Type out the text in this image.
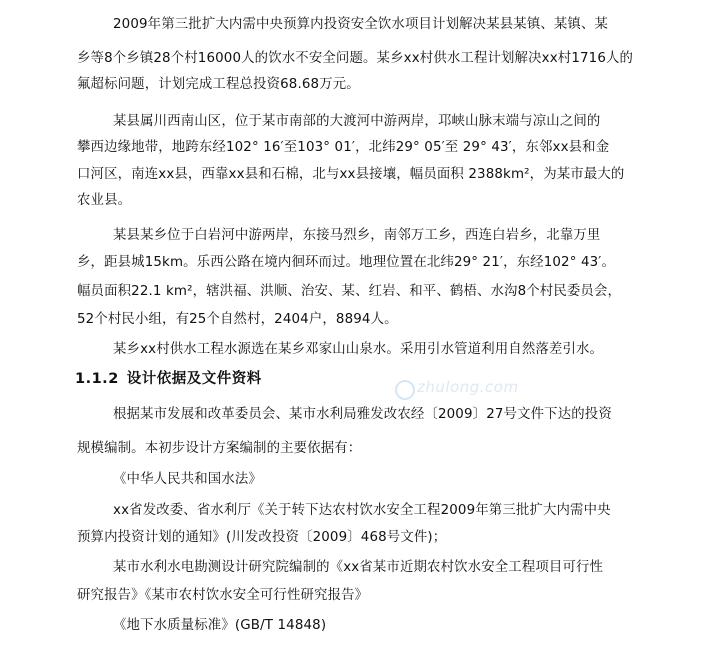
2009年第三批扩大内需中央预算内投资安全饮水项目计划解决某县某镇、某镇、某
乡等8个乡镇28个村16000人的饮水不安全问题。某乡xx村供水工程计划解决xx村1716人的
氟超标问题，计划完成工程总投资68.68万元。
某县属川西南山区，位于某市南部的大渡河中游两岸，邛峡山脉末端与凉山之间的
攀西边缘地带，地跨东经102° 16′至103° 01′，北纬29° 05′至 29° 43′，东邻xx县和金
口河区，南连xx县，西靠xx县和石棉，北与xx县接壤，幅员面积 2388km²，为某市最大的
农业县。
某县某乡位于白岩河中游两岸，东接马烈乡，南邻万工乡，西连白岩乡，北靠万里
乡，距县城15km。乐西公路在境内徊环而过。地理位置在北纬29° 21′，东经102° 43′。
幅员面积22.1 km²，辖洪福、洪顺、治安、某、红岩、和平、鹤梧、水沟8个村民委员会，
52个村民小组，有25个自然村，2404户，8894人。
某乡xx村供水工程水源选在某乡邓家山山泉水。采用引水管道利用自然落差引水。
1.1.2 设计依据及文件资料	zhulong.com
根据某市发展和改革委员会、某市水利局雅发改农经〔2009〕27号文件下达的投资
规模编制。本初步设计方案编制的主要依据有：
《中华人民共和国水法》
xx省发改委、省水利厅《关于转下达农村饮水安全工程2009年第三批扩大内需中央
预算内投资计划的通知》(川发改投资〔2009〕468号文件)；
某市水利水电勘测设计研究院编制的《xx省某市近期农村饮水安全工程项目可行性
研究报告》《某市农村饮水安全可行性研究报告》
《地下水质量标准》(GB/T 14848)
